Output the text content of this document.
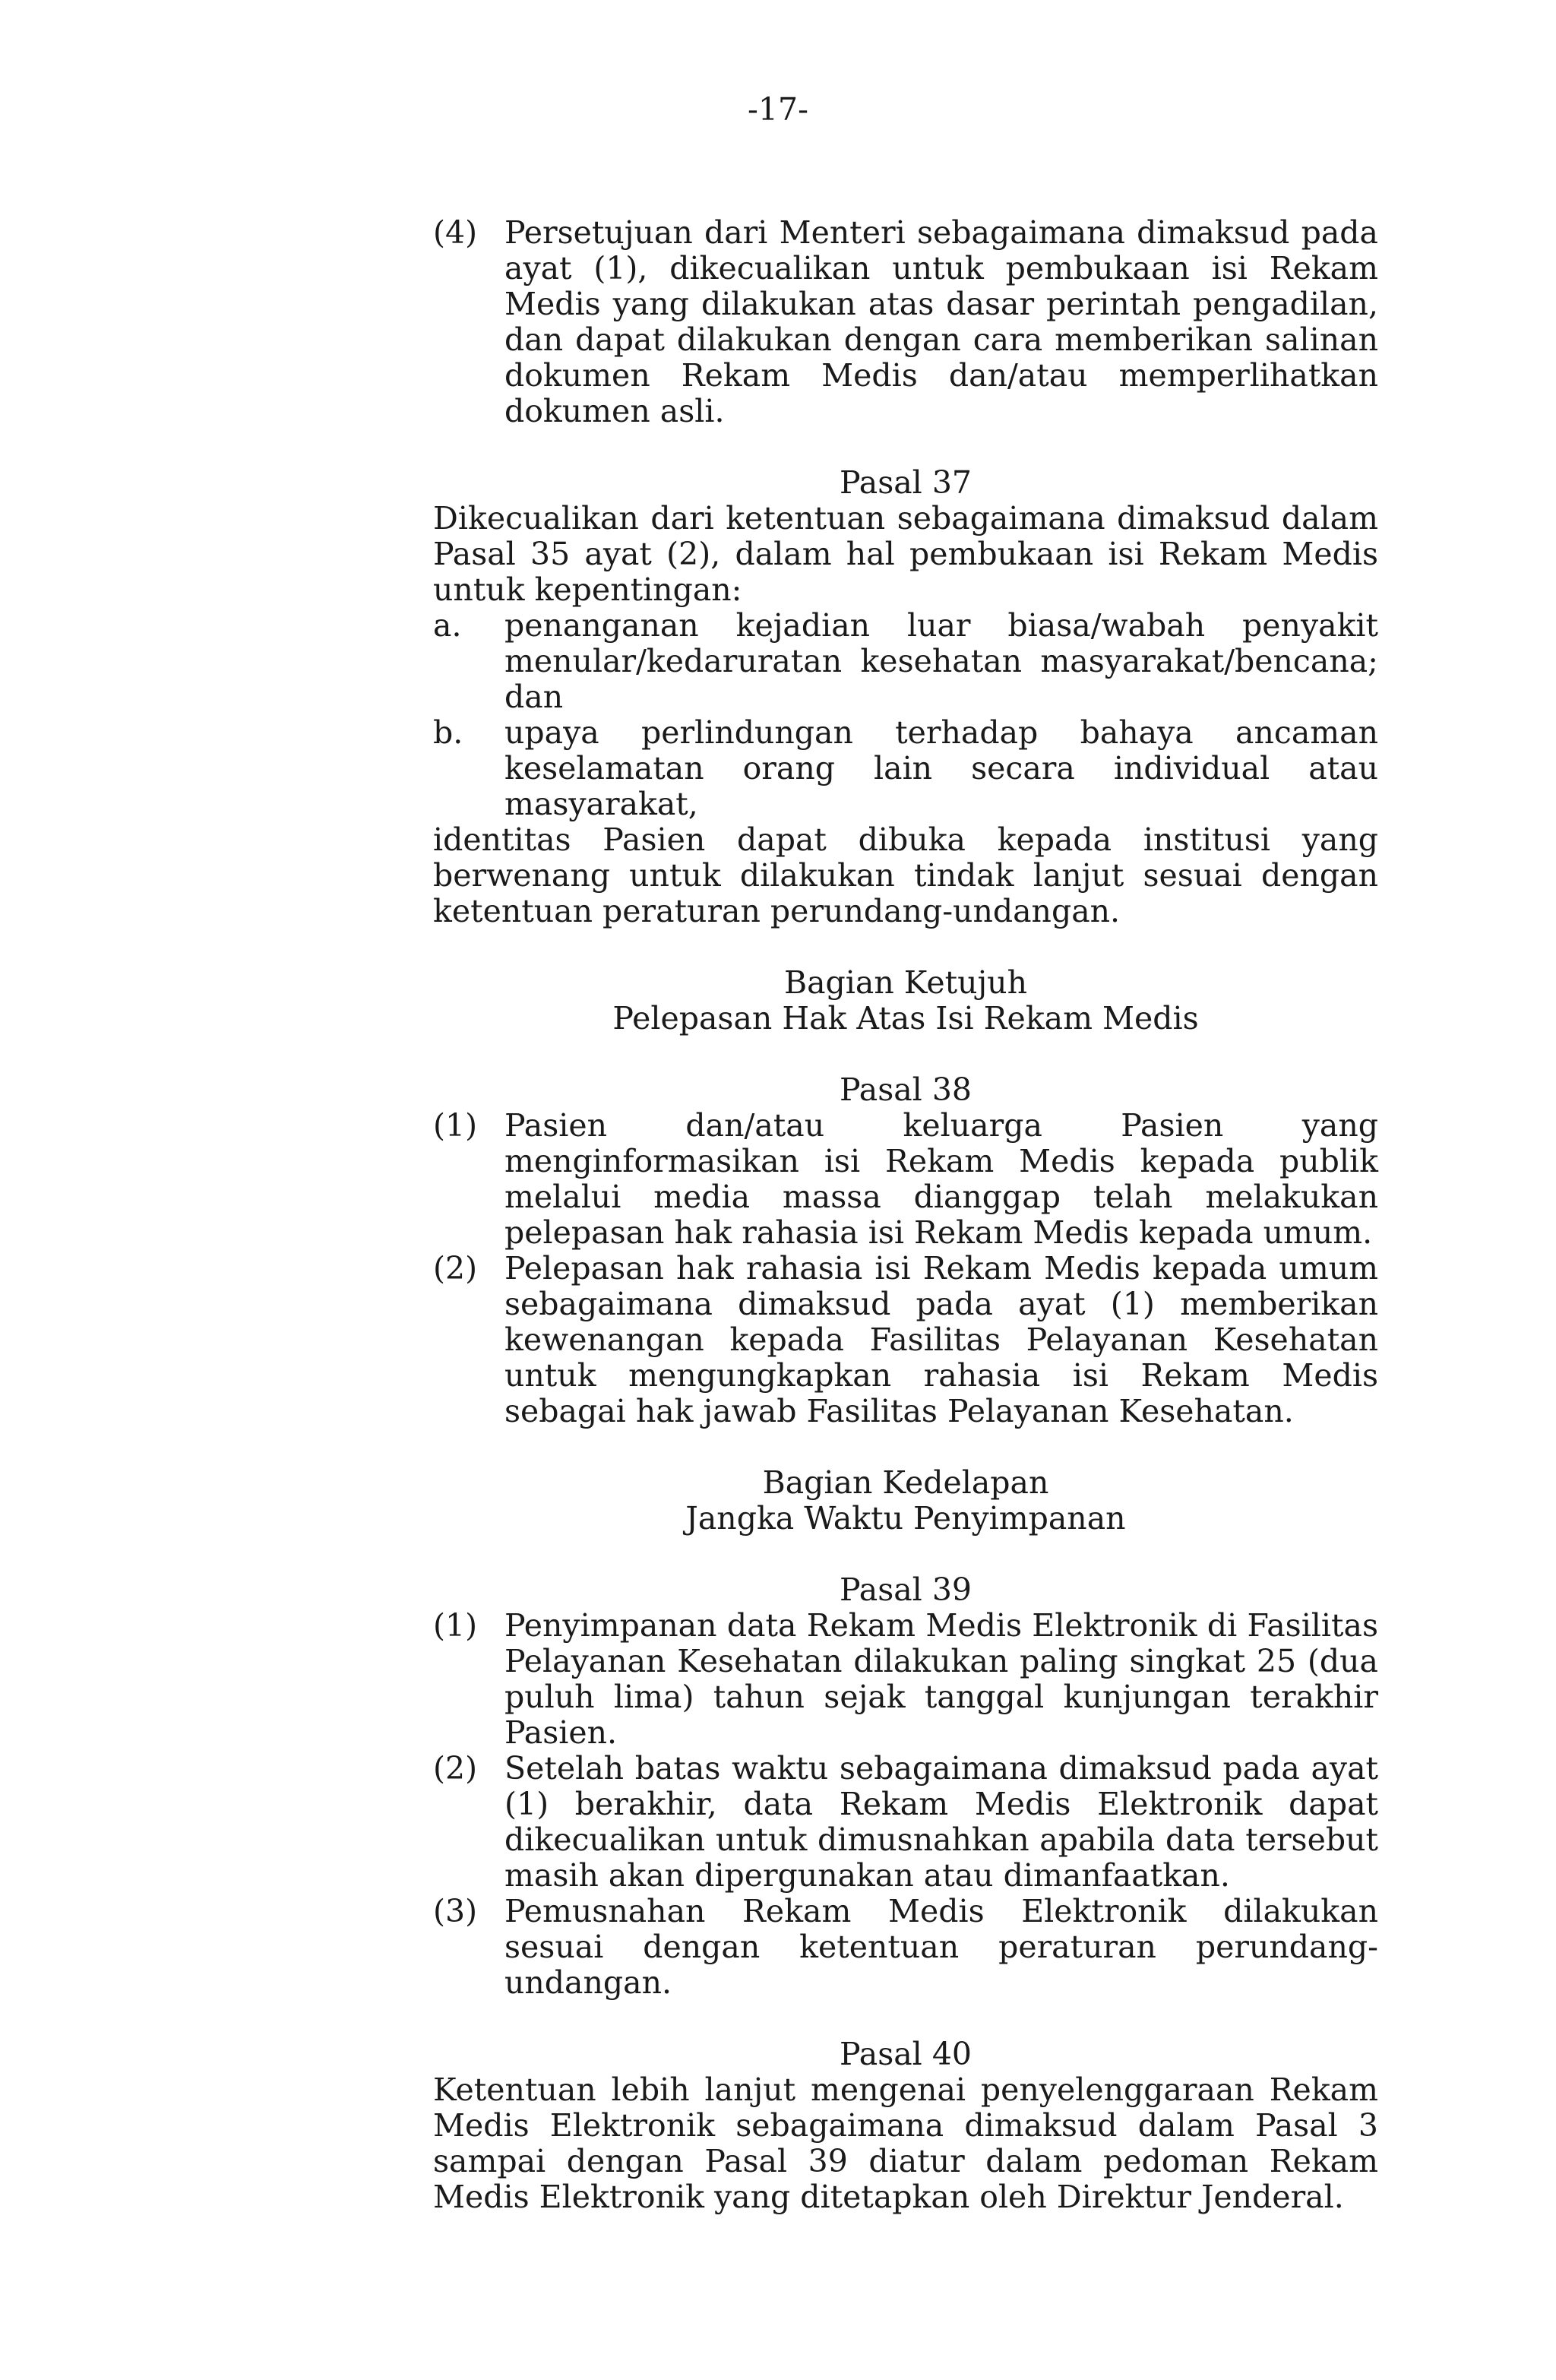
-17-
(4) Persetujuan dari Menteri sebagaimana dimaksud pada ayat (1), dikecualikan untuk pembukaan isi Rekam Medis yang dilakukan atas dasar perintah pengadilan, dan dapat dilakukan dengan cara memberikan salinan dokumen Rekam Medis dan/atau memperlihatkan dokumen asli.
Pasal 37
Dikecualikan dari ketentuan sebagaimana dimaksud dalam Pasal 35 ayat (2), dalam hal pembukaan isi Rekam Medis untuk kepentingan:
a.	penanganan kejadian luar biasa/wabah penyakit menular/kedaruratan kesehatan masyarakat/bencana; dan
b.	upaya perlindungan terhadap bahaya ancaman keselamatan orang lain secara individual atau masyarakat,
identitas Pasien dapat dibuka kepada institusi yang berwenang untuk dilakukan tindak lanjut sesuai dengan ketentuan peraturan perundang-undangan.
Bagian Ketujuh
Pelepasan Hak Atas Isi Rekam Medis
Pasal 38
(1) Pasien dan/atau keluarga Pasien yang menginformasikan isi Rekam Medis kepada publik melalui media massa dianggap telah melakukan pelepasan hak rahasia isi Rekam Medis kepada umum.
(2) Pelepasan hak rahasia isi Rekam Medis kepada umum sebagaimana dimaksud pada ayat (1) memberikan kewenangan kepada Fasilitas Pelayanan Kesehatan untuk mengungkapkan rahasia isi Rekam Medis sebagai hak jawab Fasilitas Pelayanan Kesehatan.
Bagian Kedelapan
Jangka Waktu Penyimpanan
Pasal 39
(1) Penyimpanan data Rekam Medis Elektronik di Fasilitas Pelayanan Kesehatan dilakukan paling singkat 25 (dua puluh lima) tahun sejak tanggal kunjungan terakhir Pasien.
(2) Setelah batas waktu sebagaimana dimaksud pada ayat (1) berakhir, data Rekam Medis Elektronik dapat dikecualikan untuk dimusnahkan apabila data tersebut masih akan dipergunakan atau dimanfaatkan.
(3) Pemusnahan Rekam Medis Elektronik dilakukan sesuai dengan ketentuan peraturan perundang-undangan.
Pasal 40
Ketentuan lebih lanjut mengenai penyelenggaraan Rekam Medis Elektronik sebagaimana dimaksud dalam Pasal 3 sampai dengan Pasal 39 diatur dalam pedoman Rekam Medis Elektronik yang ditetapkan oleh Direktur Jenderal.
